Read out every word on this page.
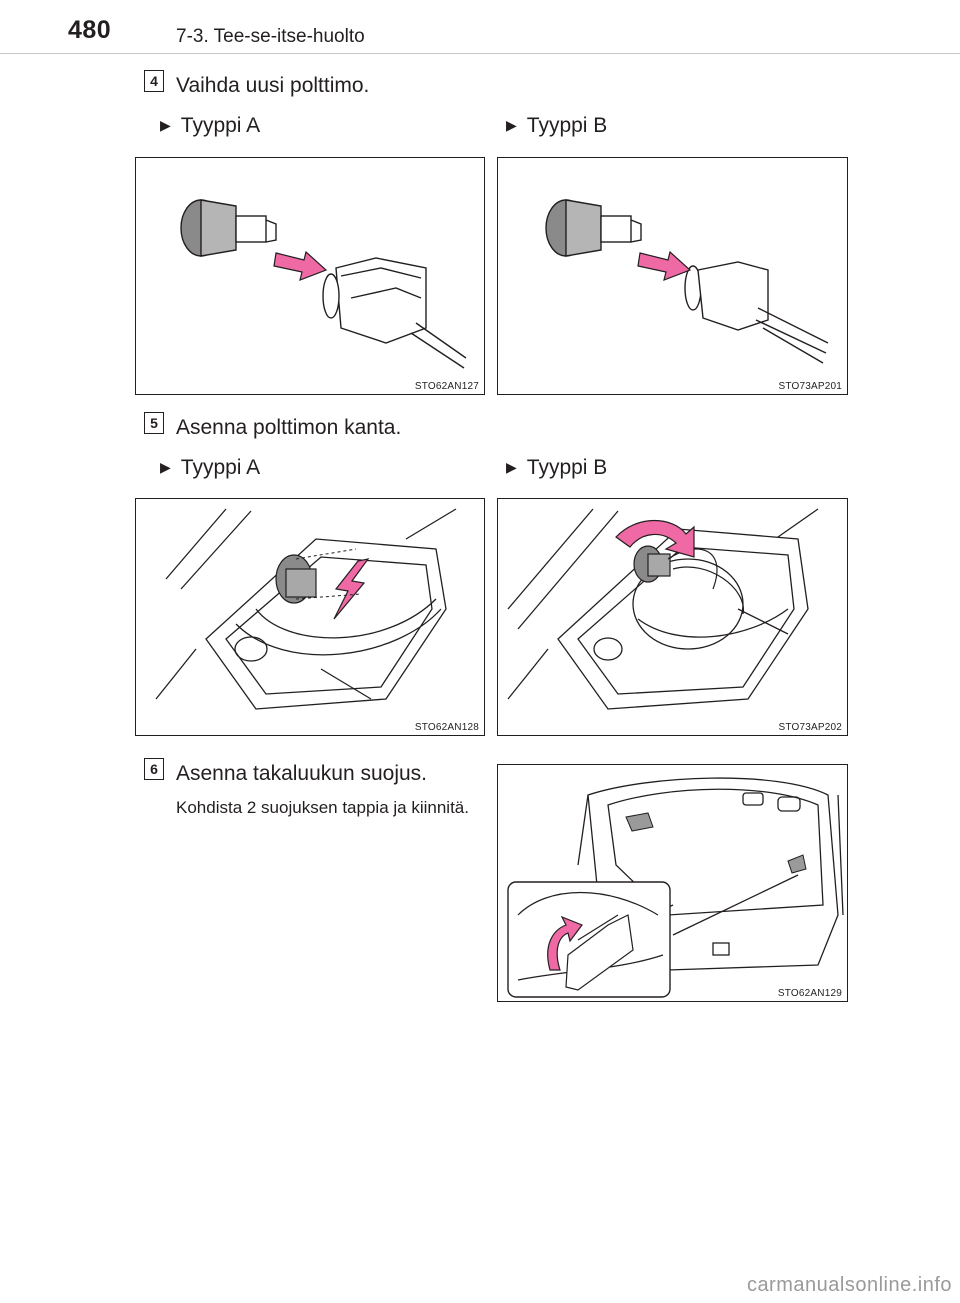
480	7-3. Tee-se-itse-huolto
4 Vaihda uusi polttimo.
▶ Tyyppi A	▶ Tyyppi B
STO62AN127	STO73AP201
5 Asenna polttimon kanta.
▶ Tyyppi A	▶ Tyyppi B
STO62AN128	STO73AP202
6 Asenna takaluukun suojus.
Kohdista 2 suojuksen tappia ja kiinnitä.
STO62AN129
carmanualsonline.info
